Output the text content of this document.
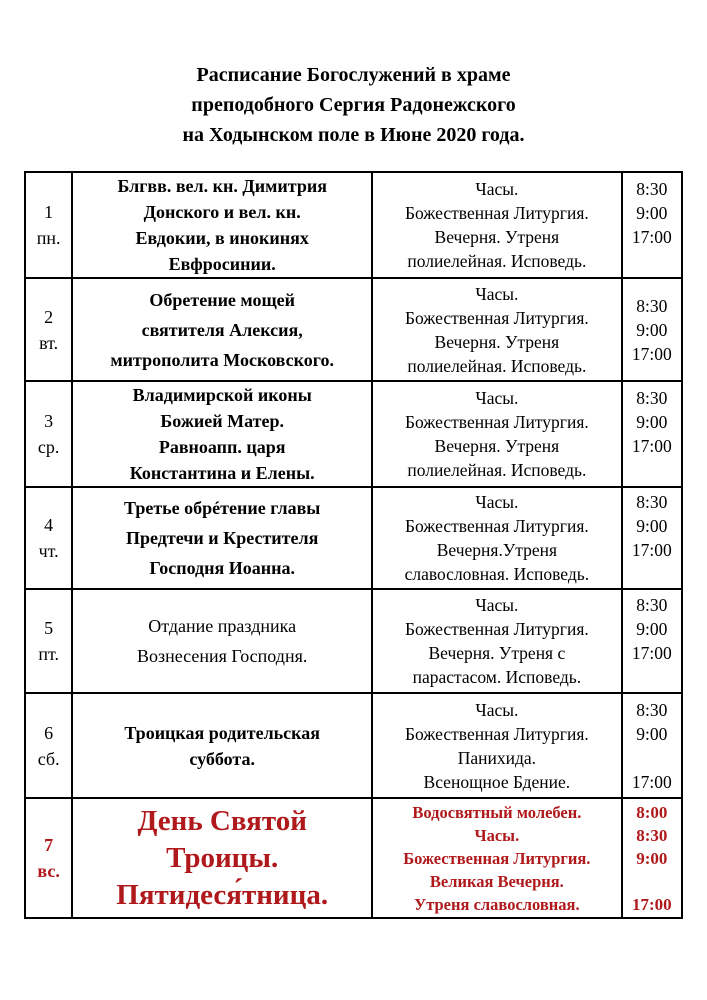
Расписание Богослужений в храме
преподобного Сергия Радонежского
на Ходынском поле в Июне 2020 года.
1
пн.	Блгвв. вел. кн. Димитрия
Донского и вел. кн.
Евдокии, в инокинях
Евфросинии.	Часы.
Божественная Литургия.
Вечерня. Утреня
полиелейная. Исповедь.	8:30
9:00
17:00

2
вт.	Обретение мощей
святителя Алексия,
митрополита Московского.	Часы.
Божественная Литургия.
Вечерня. Утреня
полиелейная. Исповедь.	8:30
9:00
17:00

3
ср.	Владимирской иконы
Божией Матер.
Равноапп. царя
Константина и Елены.	Часы.
Божественная Литургия.
Вечерня. Утреня
полиелейная. Исповедь.	8:30
9:00
17:00

4
чт.	Третье обрéтение главы
Предтечи и Крестителя
Господня Иоанна.	Часы.
Божественная Литургия.
Вечерня.Утреня
славословная. Исповедь.	8:30
9:00
17:00

5
пт.	Отдание праздника
Вознесения Господня.	Часы.
Божественная Литургия.
Вечерня. Утреня с
парастасом. Исповедь.	8:30
9:00
17:00

6
сб.	Троицкая родительская
суббота.	Часы.
Божественная Литургия.
Панихида.
Всенощное Бдение.	8:30
9:00
17:00

7
вс.	День Святой
Троицы.
Пятидеся́тница.	Водосвятный молебен.
Часы.
Божественная Литургия.
Великая Вечерня.
Утреня славословная.	8:00
8:30
9:00
17:00
